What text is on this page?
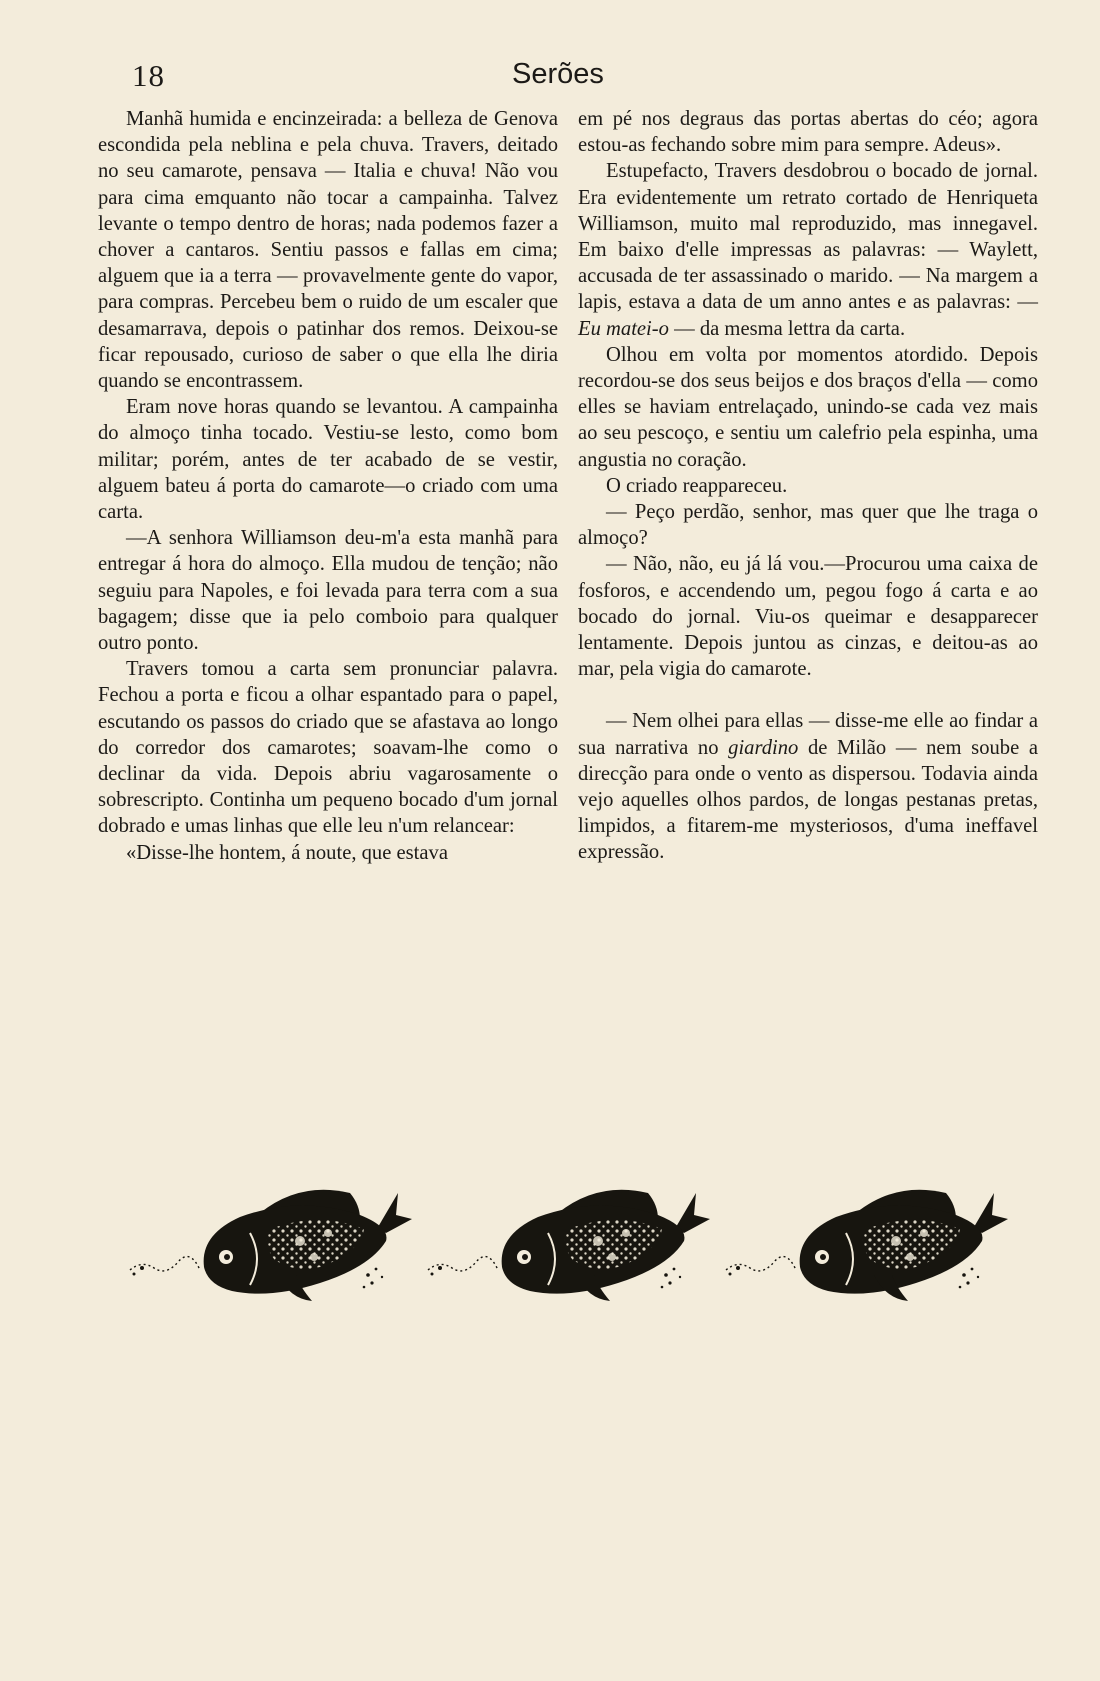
18	Serões

Manhã humida e encinzeirada: a belleza de Genova escondida pela neblina e pela chuva. Travers, deitado no seu camarote, pensava — Italia e chuva! Não vou para cima emquanto não tocar a campainha. Talvez levante o tempo dentro de horas; nada podemos fazer a chover a cantaros. Sentiu passos e fallas em cima; alguem que ia a terra — provavelmente gente do vapor, para compras. Percebeu bem o ruido de um escaler que desamarrava, depois o patinhar dos remos. Deixou-se ficar repousado, curioso de saber o que ella lhe diria quando se encontrassem.

Eram nove horas quando se levantou. A campainha do almoço tinha tocado. Vestiu-se lesto, como bom militar; porém, antes de ter acabado de se vestir, alguem bateu á porta do camarote—o criado com uma carta.

—A senhora Williamson deu-m'a esta manhã para entregar á hora do almoço. Ella mudou de tenção; não seguiu para Napoles, e foi levada para terra com a sua bagagem; disse que ia pelo comboio para qualquer outro ponto.

Travers tomou a carta sem pronunciar palavra. Fechou a porta e ficou a olhar espantado para o papel, escutando os passos do criado que se afastava ao longo do corredor dos camarotes; soavam-lhe como o declinar da vida. Depois abriu vagarosamente o sobrescripto. Continha um pequeno bocado d'um jornal dobrado e umas linhas que elle leu n'um relancear:

«Disse-lhe hontem, á noute, que estava

em pé nos degraus das portas abertas do céo; agora estou-as fechando sobre mim para sempre. Adeus».

Estupefacto, Travers desdobrou o bocado de jornal. Era evidentemente um retrato cortado de Henriqueta Williamson, muito mal reproduzido, mas innegavel. Em baixo d'elle impressas as palavras: — Waylett, accusada de ter assassinado o marido. — Na margem a lapis, estava a data de um anno antes e as palavras: — Eu matei-o — da mesma lettra da carta.

Olhou em volta por momentos atordido. Depois recordou-se dos seus beijos e dos braços d'ella — como elles se haviam entrelaçado, unindo-se cada vez mais ao seu pescoço, e sentiu um calefrio pela espinha, uma angustia no coração.

O criado reappareceu.

— Peço perdão, senhor, mas quer que lhe traga o almoço?

— Não, não, eu já lá vou.—Procurou uma caixa de fosforos, e accendendo um, pegou fogo á carta e ao bocado do jornal. Viu-os queimar e desapparecer lentamente. Depois juntou as cinzas, e deitou-as ao mar, pela vigia do camarote.

— Nem olhei para ellas — disse-me elle ao findar a sua narrativa no giardino de Milão — nem soube a direcção para onde o vento as dispersou. Todavia ainda vejo aquelles olhos pardos, de longas pestanas pretas, limpidos, a fitarem-me mysteriosos, d'uma ineffavel expressão.
